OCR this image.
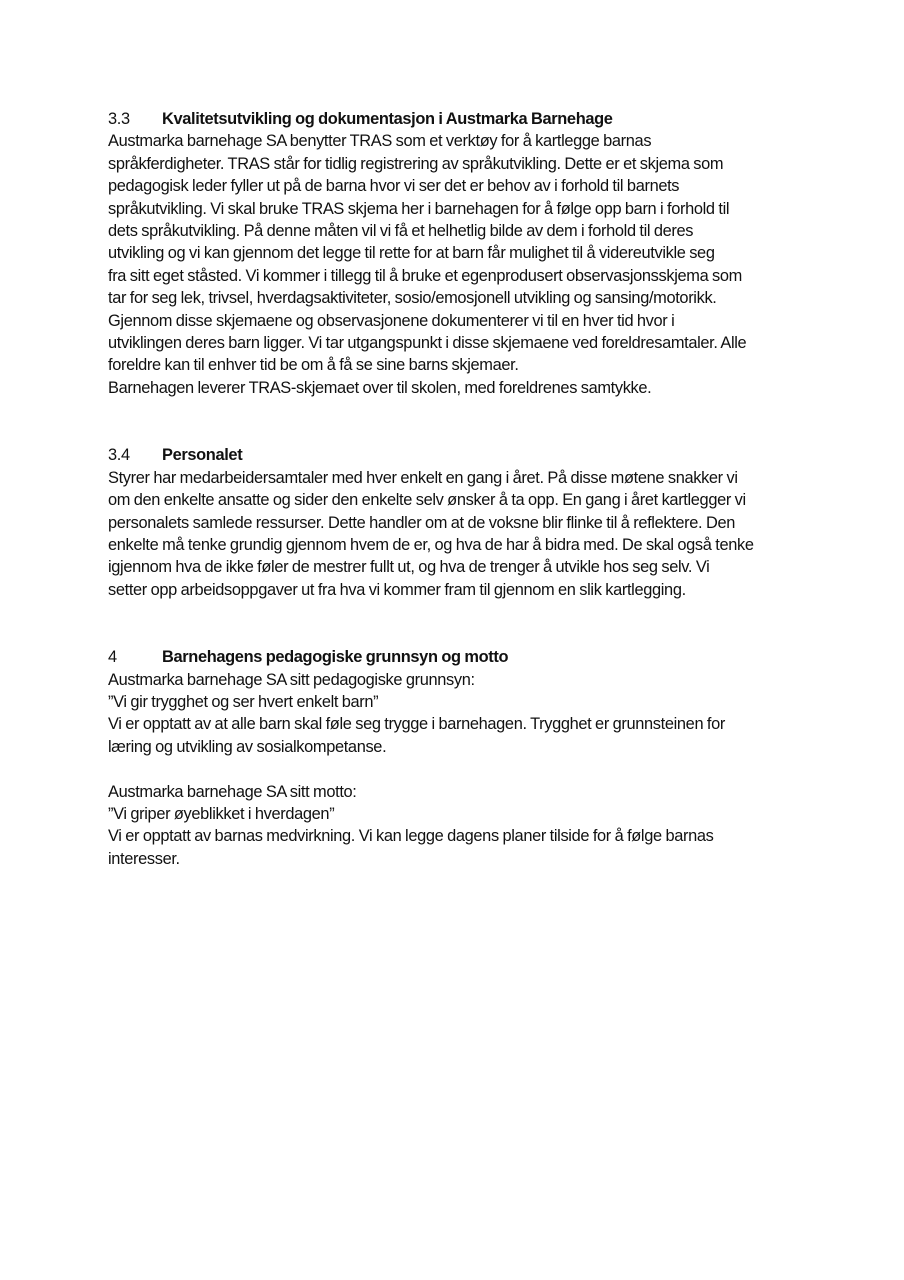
3.3	Kvalitetsutvikling og dokumentasjon i Austmarka Barnehage
Austmarka barnehage SA benytter TRAS som et verktøy for å kartlegge barnas
språkferdigheter. TRAS står for tidlig registrering av språkutvikling. Dette er et skjema som
pedagogisk leder fyller ut på de barna hvor vi ser det er behov av i forhold til barnets
språkutvikling. Vi skal bruke TRAS skjema her i barnehagen for å følge opp barn i forhold til
dets språkutvikling. På denne måten vil vi få et helhetlig bilde av dem i forhold til deres
utvikling og vi kan gjennom det legge til rette for at barn får mulighet til å videreutvikle seg
fra sitt eget ståsted. Vi kommer i tillegg til å bruke et egenprodusert observasjonsskjema som
tar for seg lek, trivsel, hverdagsaktiviteter, sosio/emosjonell utvikling og sansing/motorikk.
Gjennom disse skjemaene og observasjonene dokumenterer vi til en hver tid hvor i
utviklingen deres barn ligger. Vi tar utgangspunkt i disse skjemaene ved foreldresamtaler. Alle
foreldre kan til enhver tid be om å få se sine barns skjemaer.
Barnehagen leverer TRAS-skjemaet over til skolen, med foreldrenes samtykke.
3.4	Personalet
Styrer har medarbeidersamtaler med hver enkelt en gang i året. På disse møtene snakker vi
om den enkelte ansatte og sider den enkelte selv ønsker å ta opp. En gang i året kartlegger vi
personalets samlede ressurser. Dette handler om at de voksne blir flinke til å reflektere. Den
enkelte må tenke grundig gjennom hvem de er, og hva de har å bidra med. De skal også tenke
igjennom hva de ikke føler de mestrer fullt ut, og hva de trenger å utvikle hos seg selv. Vi
setter opp arbeidsoppgaver ut fra hva vi kommer fram til gjennom en slik kartlegging.
4	Barnehagens pedagogiske grunnsyn og motto
Austmarka barnehage SA sitt pedagogiske grunnsyn:
”Vi gir trygghet og ser hvert enkelt barn”
Vi er opptatt av at alle barn skal føle seg trygge i barnehagen. Trygghet er grunnsteinen for
læring og utvikling av sosialkompetanse.
Austmarka barnehage SA sitt motto:
”Vi griper øyeblikket i hverdagen”
Vi er opptatt av barnas medvirkning. Vi kan legge dagens planer tilside for å følge barnas
interesser.
